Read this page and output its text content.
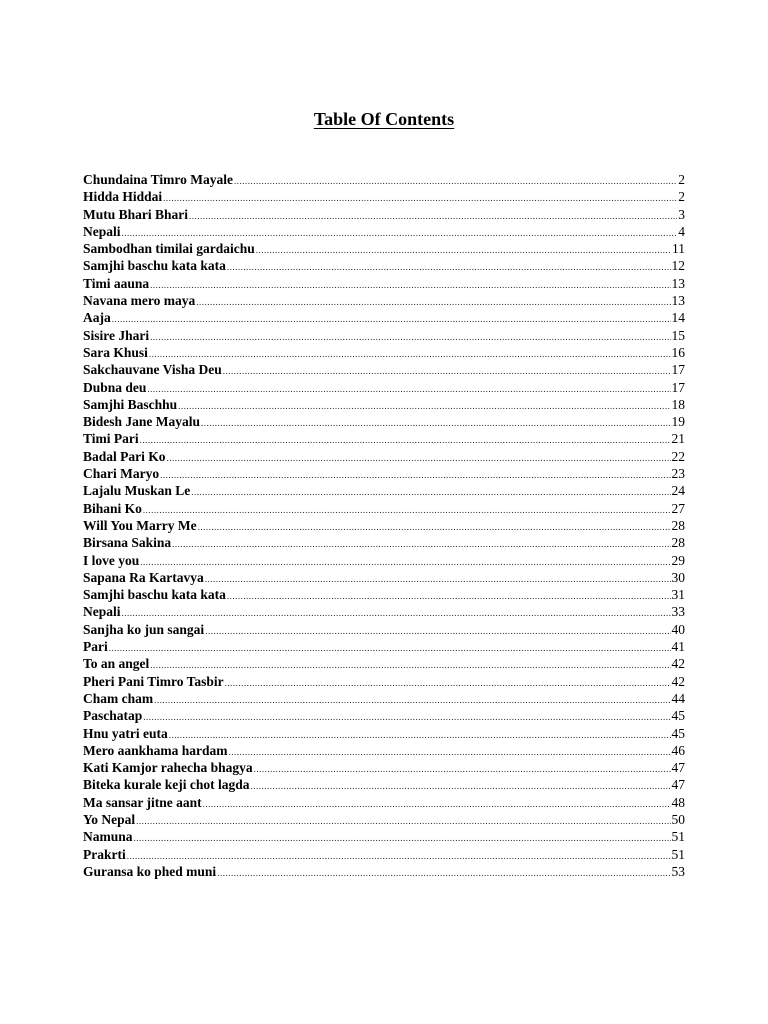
Table Of Contents
Chundaina Timro Mayale .....	2
Hidda Hiddai .....	2
Mutu Bhari Bhari .....	3
Nepali .....	4
Sambodhan timilai gardaichu .....	11
Samjhi baschu kata kata .....	12
Timi aauna .....	13
Navana mero maya .....	13
Aaja .....	14
Sisire Jhari .....	15
Sara Khusi .....	16
Sakchauvane Visha Deu .....	17
Dubna deu .....	17
Samjhi Baschhu .....	18
Bidesh Jane Mayalu .....	19
Timi Pari .....	21
Badal Pari Ko .....	22
Chari Maryo .....	23
Lajalu Muskan Le .....	24
Bihani Ko .....	27
Will You Marry Me .....	28
Birsana Sakina .....	28
I love you .....	29
Sapana Ra Kartavya .....	30
Samjhi baschu kata kata .....	31
Nepali .....	33
Sanjha ko jun sangai .....	40
Pari .....	41
To an angel .....	42
Pheri Pani Timro Tasbir .....	42
Cham cham .....	44
Paschatap .....	45
Hnu yatri euta .....	45
Mero aankhama hardam .....	46
Kati Kamjor rahecha bhagya .....	47
Biteka kurale keji chot lagda .....	47
Ma sansar jitne aant .....	48
Yo Nepal .....	50
Namuna .....	51
Prakrti .....	51
Guransa ko phed muni .....	53
